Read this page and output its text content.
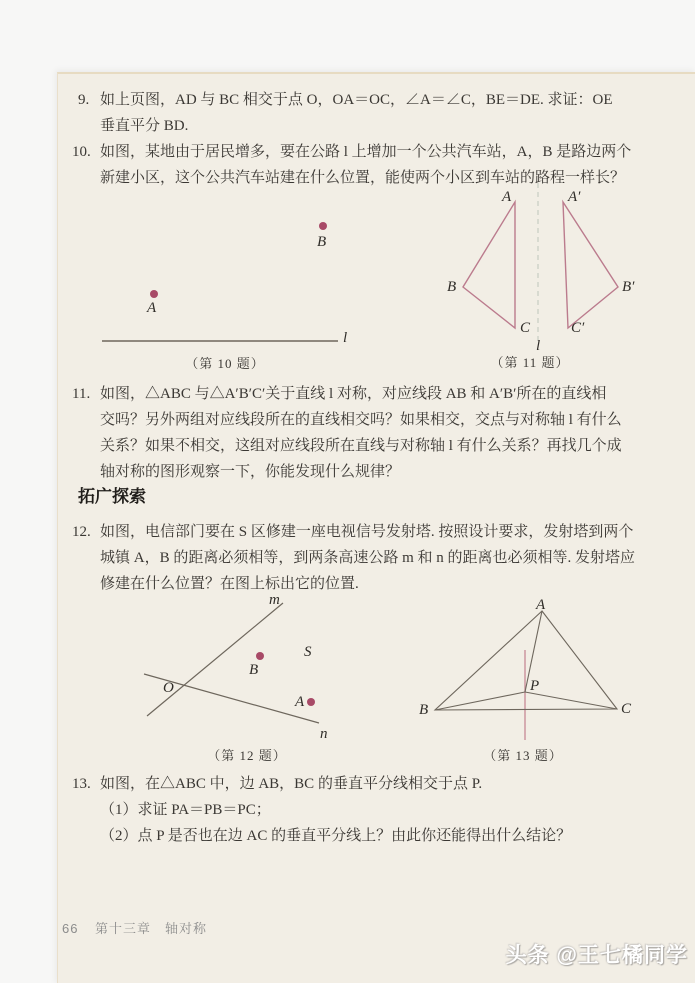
9. 如上页图，AD 与 BC 相交于点 O，OA＝OC，∠A＝∠C，BE＝DE. 求证：OE
垂直平分 BD.
10. 如图，某地由于居民增多，要在公路 l 上增加一个公共汽车站，A，B 是路边两个
新建小区，这个公共汽车站建在什么位置，能使两个小区到车站的路程一样长？
A
B
l
（第 10 题）
A
B
C
A′
B′
C′
l
（第 11 题）
11. 如图，△ABC 与△A′B′C′关于直线 l 对称，对应线段 AB 和 A′B′所在的直线相
交吗？另外两组对应线段所在的直线相交吗？如果相交，交点与对称轴 l 有什么
关系？如果不相交，这组对应线段所在直线与对称轴 l 有什么关系？再找几个成
轴对称的图形观察一下，你能发现什么规律？
拓广探索
12. 如图，电信部门要在 S 区修建一座电视信号发射塔. 按照设计要求，发射塔到两个
城镇 A，B 的距离必须相等，到两条高速公路 m 和 n 的距离也必须相等. 发射塔应
修建在什么位置？在图上标出它的位置.
m
n
O
B
S
A
（第 12 题）
A
B	C
P
（第 13 题）
13. 如图，在△ABC 中，边 AB，BC 的垂直平分线相交于点 P.
（1）求证 PA＝PB＝PC；
（2）点 P 是否也在边 AC 的垂直平分线上？由此你还能得出什么结论？
66 第十三章 轴对称
头条 @王七橘同学
